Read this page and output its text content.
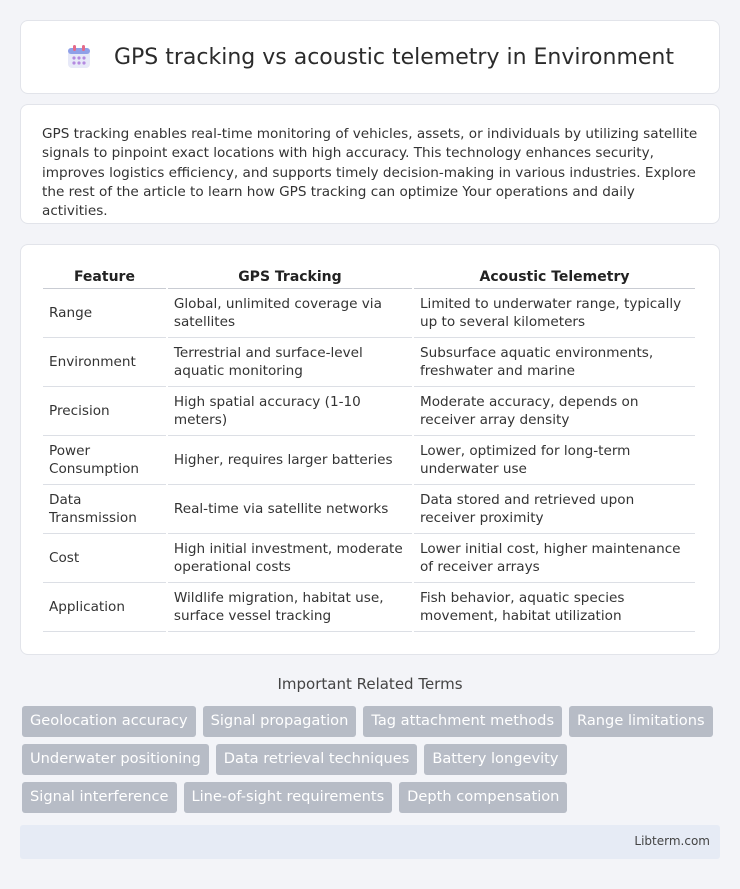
GPS tracking vs acoustic telemetry in Environment

GPS tracking enables real-time monitoring of vehicles, assets, or individuals by utilizing satellite signals to pinpoint exact locations with high accuracy. This technology enhances security, improves logistics efficiency, and supports timely decision-making in various industries. Explore the rest of the article to learn how GPS tracking can optimize Your operations and daily activities.

Feature	GPS Tracking	Acoustic Telemetry
Range	Global, unlimited coverage via satellites	Limited to underwater range, typically up to several kilometers
Environment	Terrestrial and surface-level aquatic monitoring	Subsurface aquatic environments, freshwater and marine
Precision	High spatial accuracy (1-10 meters)	Moderate accuracy, depends on receiver array density
Power Consumption	Higher, requires larger batteries	Lower, optimized for long-term underwater use
Data Transmission	Real-time via satellite networks	Data stored and retrieved upon receiver proximity
Cost	High initial investment, moderate operational costs	Lower initial cost, higher maintenance of receiver arrays
Application	Wildlife migration, habitat use, surface vessel tracking	Fish behavior, aquatic species movement, habitat utilization
Important Related Terms
Geolocation accuracy	Signal propagation	Tag attachment methods	Range limitations
Underwater positioning	Data retrieval techniques	Battery longevity
Signal interference	Line-of-sight requirements	Depth compensation
Libterm.com
